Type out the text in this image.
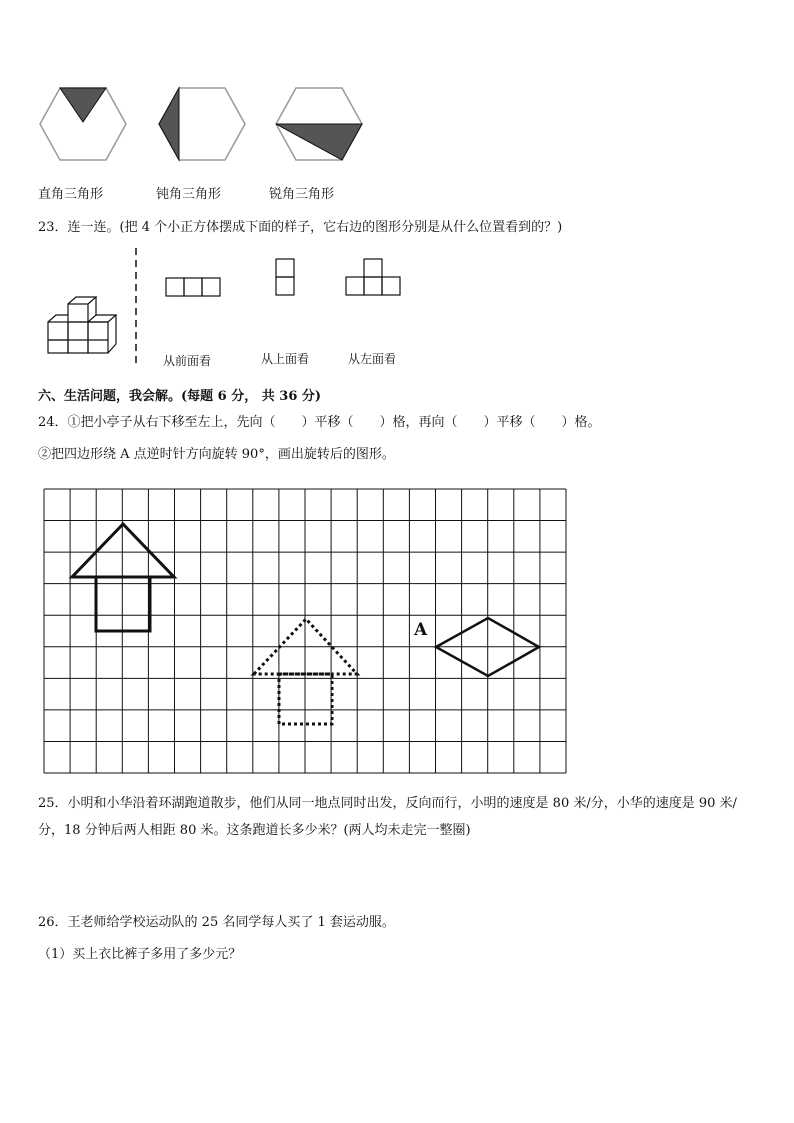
直角三角形	钝角三角形	锐角三角形
23．连一连。(把 4 个小正方体摆成下面的样子，它右边的图形分别是从什么位置看到的？)
从前面看	从上面看	从左面看
六、生活问题，我会解。(每题 6 分， 共 36 分)
24．①把小亭子从右下移至左上，先向（　　）平移（　　）格，再向（　　）平移（　　）格。
②把四边形绕 A 点逆时针方向旋转 90°，画出旋转后的图形。
A
25．小明和小华沿着环湖跑道散步，他们从同一地点同时出发，反向而行，小明的速度是 80 米/分，小华的速度是 90 米/分，18 分钟后两人相距 80 米。这条跑道长多少米？(两人均未走完一整圈)
26．王老师给学校运动队的 25 名同学每人买了 1 套运动服。
（1）买上衣比裤子多用了多少元？
